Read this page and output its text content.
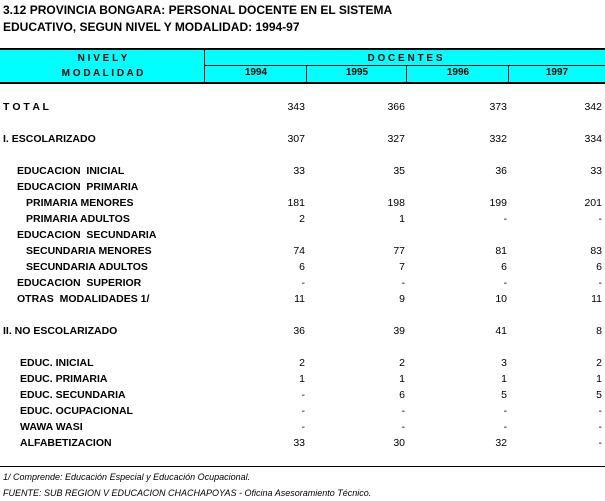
3.12 PROVINCIA BONGARA: PERSONAL DOCENTE EN EL SISTEMA
EDUCATIVO, SEGUN NIVEL Y MODALIDAD: 1994-97
N I V E L Y
M O D A L I D A D
D O C E N T E S
1994	1995	1996	1997
T O T A L	343	366	373	342
I. ESCOLARIZADO	307	327	332	334
EDUCACION  INICIAL	33	35	36	33
EDUCACION  PRIMARIA
PRIMARIA MENORES	181	198	199	201
PRIMARIA ADULTOS	2	1	-	-
EDUCACION  SECUNDARIA
SECUNDARIA MENORES	74	77	81	83
SECUNDARIA ADULTOS	6	7	6	6
EDUCACION  SUPERIOR	-	-	-	-
OTRAS  MODALIDADES 1/	11	9	10	11
II. NO ESCOLARIZADO	36	39	41	8
EDUC. INICIAL	2	2	3	2
EDUC. PRIMARIA	1	1	1	1
EDUC. SECUNDARIA	-	6	5	5
EDUC. OCUPACIONAL	-	-	-	-
WAWA WASI	-	-	-	-
ALFABETIZACION	33	30	32	-
1/ Comprende: Educación Especial y Educación Ocupacional.
FUENTE: SUB REGION V EDUCACION CHACHAPOYAS - Oficina Asesoramiento Técnico.
